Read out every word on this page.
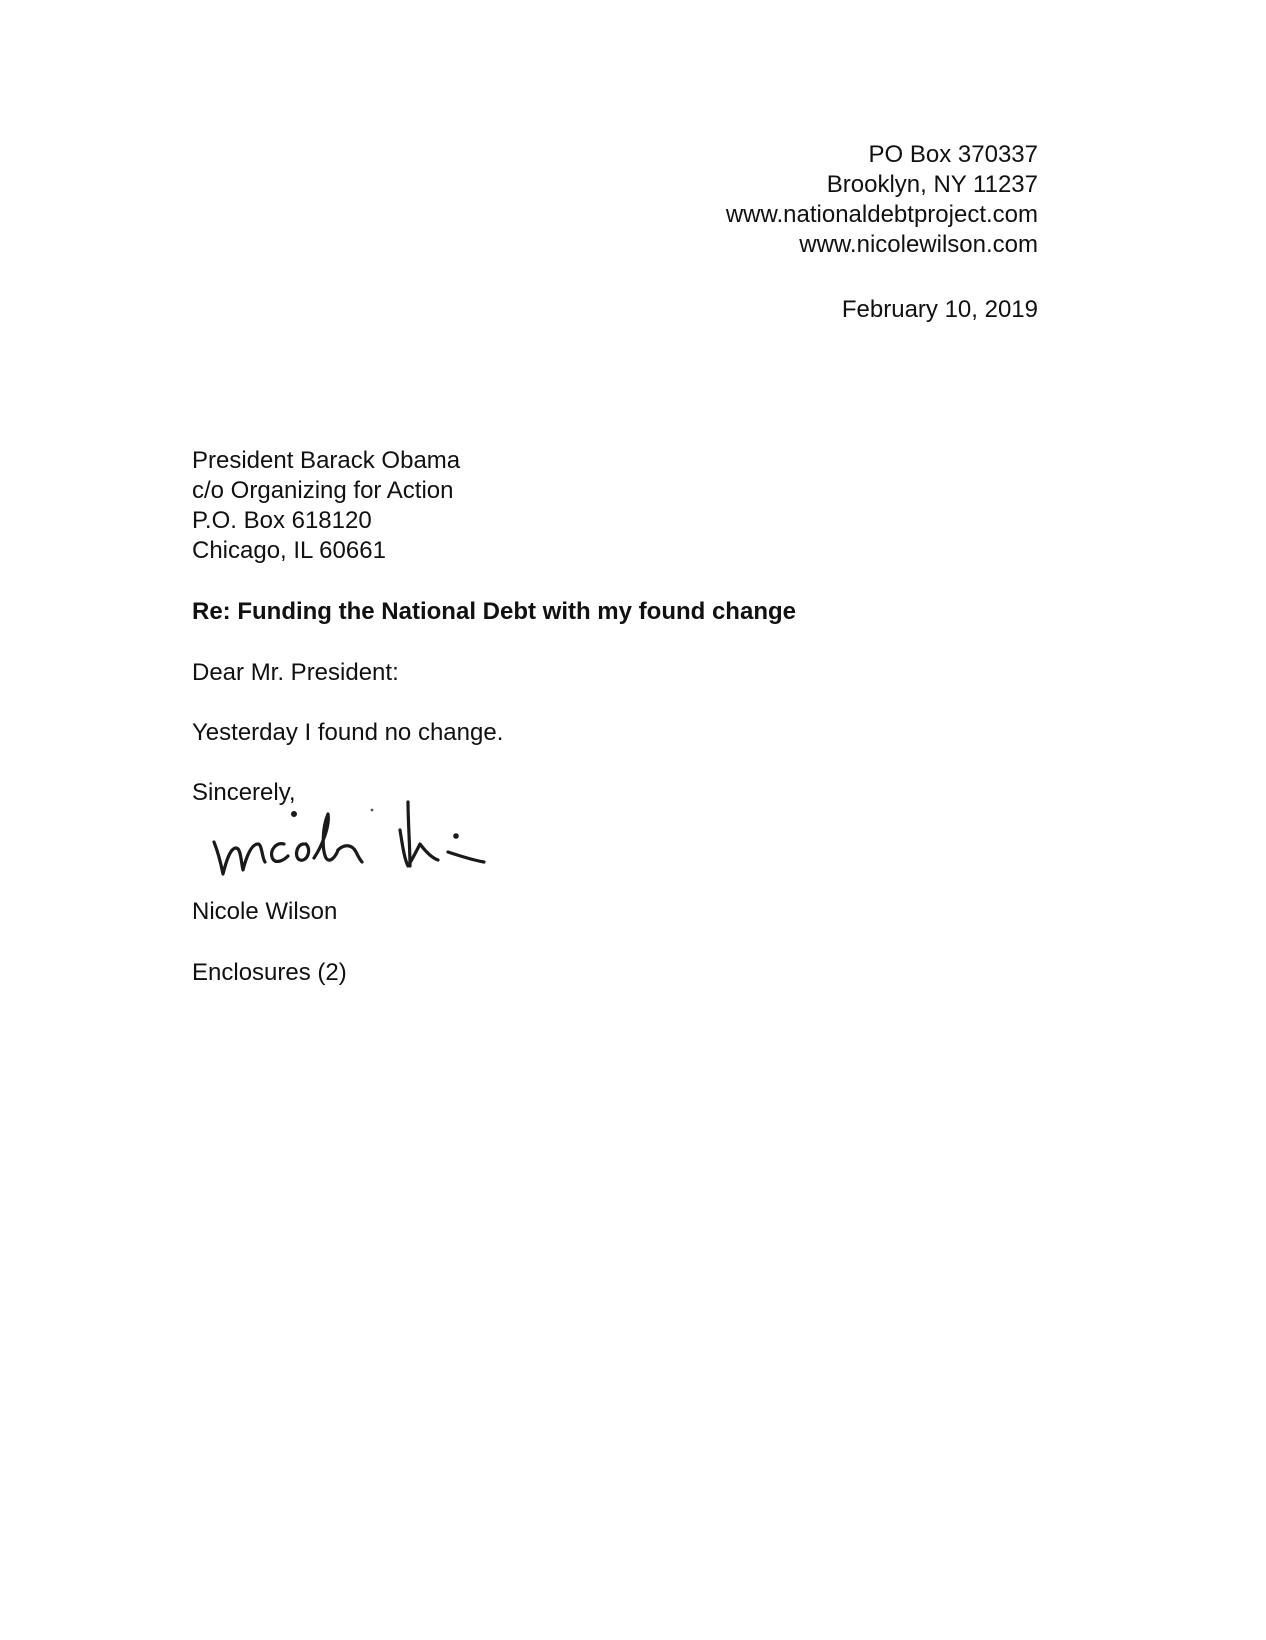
PO Box 370337
Brooklyn, NY 11237
www.nationaldebtproject.com
www.nicolewilson.com
February 10, 2019
President Barack Obama
c/o Organizing for Action
P.O. Box 618120
Chicago, IL 60661
Re: Funding the National Debt with my found change
Dear Mr. President:
Yesterday I found no change.
Sincerely,
Nicole Wilson
Enclosures (2)
